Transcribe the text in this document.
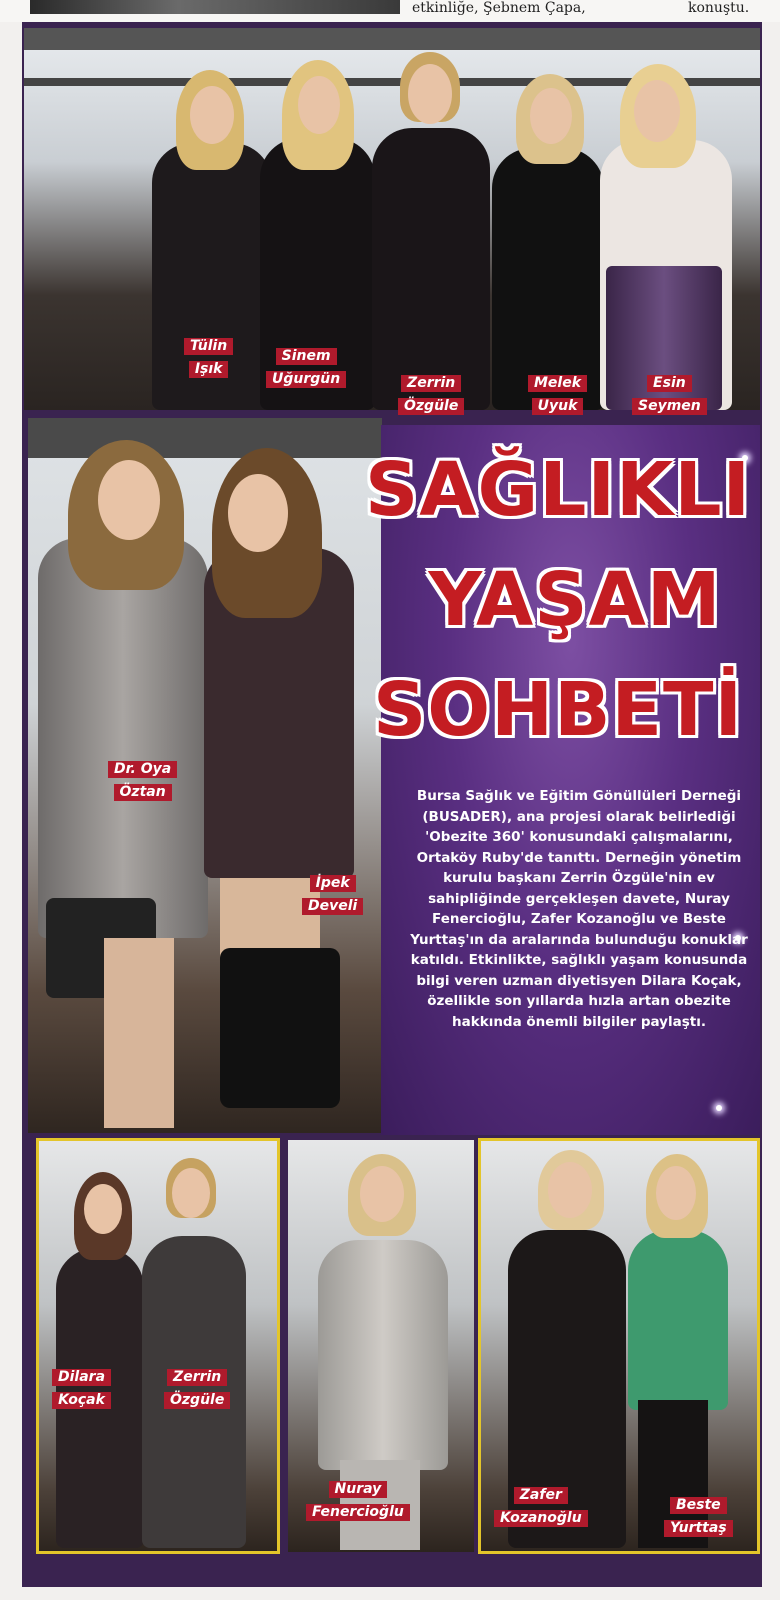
etkinliğe, Şebnem Çapa,	konuştu.
Tülin
Işık
Sinem
Uğurgün	Zerrin
Özgüle
Melek
Uyuk
Esin
Seymen
Dr. Oya
Öztan
İpek
Develi
SAĞLIKLI
YAŞAM
SOHBETİ
Bursa Sağlık ve Eğitim Gönüllüleri Derneği (BUSADER), ana projesi olarak belirlediği 'Obezite 360' konusundaki çalışmalarını, Ortaköy Ruby'de tanıttı. Derneğin yönetim kurulu başkanı Zerrin Özgüle'nin ev sahipliğinde gerçekleşen davete, Nuray Fenercioğlu, Zafer Kozanoğlu ve Beste Yurttaş'ın da aralarında bulunduğu konuklar katıldı. Etkinlikte, sağlıklı yaşam konusunda bilgi veren uzman diyetisyen Dilara Koçak, özellikle son yıllarda hızla artan obezite hakkında önemli bilgiler paylaştı.
Dilara
Koçak
Zerrin
Özgüle
Nuray
Fenercioğlu
Zafer
Kozanoğlu
Beste
Yurttaş
